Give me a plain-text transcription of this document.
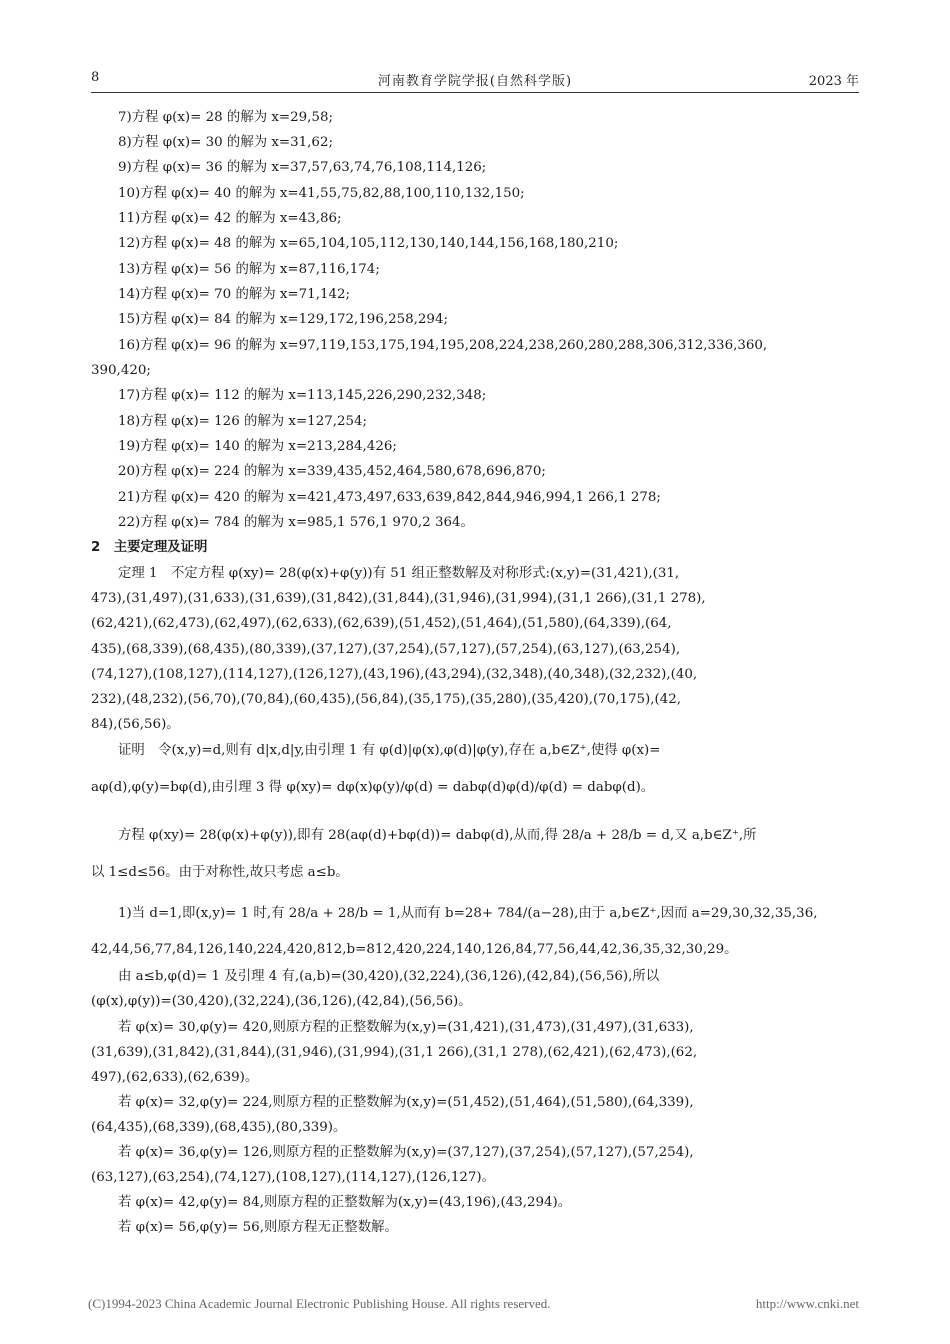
8	河南教育学院学报(自然科学版)	2023 年
7)方程 φ(x)= 28 的解为 x=29,58;
8)方程 φ(x)= 30 的解为 x=31,62;
9)方程 φ(x)= 36 的解为 x=37,57,63,74,76,108,114,126;
10)方程 φ(x)= 40 的解为 x=41,55,75,82,88,100,110,132,150;
11)方程 φ(x)= 42 的解为 x=43,86;
12)方程 φ(x)= 48 的解为 x=65,104,105,112,130,140,144,156,168,180,210;
13)方程 φ(x)= 56 的解为 x=87,116,174;
14)方程 φ(x)= 70 的解为 x=71,142;
15)方程 φ(x)= 84 的解为 x=129,172,196,258,294;
16)方程 φ(x)= 96 的解为 x=97,119,153,175,194,195,208,224,238,260,280,288,306,312,336,360,
390,420;
17)方程 φ(x)= 112 的解为 x=113,145,226,290,232,348;
18)方程 φ(x)= 126 的解为 x=127,254;
19)方程 φ(x)= 140 的解为 x=213,284,426;
20)方程 φ(x)= 224 的解为 x=339,435,452,464,580,678,696,870;
21)方程 φ(x)= 420 的解为 x=421,473,497,633,639,842,844,946,994,1 266,1 278;
22)方程 φ(x)= 784 的解为 x=985,1 576,1 970,2 364。
2　主要定理及证明
定理 1　不定方程 φ(xy)= 28(φ(x)+φ(y))有 51 组正整数解及对称形式:(x,y)=(31,421),(31,
473),(31,497),(31,633),(31,639),(31,842),(31,844),(31,946),(31,994),(31,1 266),(31,1 278),
(62,421),(62,473),(62,497),(62,633),(62,639),(51,452),(51,464),(51,580),(64,339),(64,
435),(68,339),(68,435),(80,339),(37,127),(37,254),(57,127),(57,254),(63,127),(63,254),
(74,127),(108,127),(114,127),(126,127),(43,196),(43,294),(32,348),(40,348),(32,232),(40,
232),(48,232),(56,70),(70,84),(60,435),(56,84),(35,175),(35,280),(35,420),(70,175),(42,
84),(56,56)。
证明　令(x,y)=d,则有 d|x,d|y,由引理 1 有 φ(d)|φ(x),φ(d)|φ(y),存在 a,b∈Z⁺,使得 φ(x)=
aφ(d),φ(y)=bφ(d),由引理 3 得 φ(xy)= dφ(x)φ(y)/φ(d) = dabφ(d)φ(d)/φ(d) = dabφ(d)。
方程 φ(xy)= 28(φ(x)+φ(y)),即有 28(aφ(d)+bφ(d))= dabφ(d),从而,得 28/a + 28/b = d,又 a,b∈Z⁺,所
以 1≤d≤56。由于对称性,故只考虑 a≤b。
1)当 d=1,即(x,y)= 1 时,有 28/a + 28/b = 1,从而有 b=28+ 784/(a−28),由于 a,b∈Z⁺,因而 a=29,30,32,35,36,
42,44,56,77,84,126,140,224,420,812,b=812,420,224,140,126,84,77,56,44,42,36,35,32,30,29。
由 a≤b,φ(d)= 1 及引理 4 有,(a,b)=(30,420),(32,224),(36,126),(42,84),(56,56),所以
(φ(x),φ(y))=(30,420),(32,224),(36,126),(42,84),(56,56)。
若 φ(x)= 30,φ(y)= 420,则原方程的正整数解为(x,y)=(31,421),(31,473),(31,497),(31,633),
(31,639),(31,842),(31,844),(31,946),(31,994),(31,1 266),(31,1 278),(62,421),(62,473),(62,
497),(62,633),(62,639)。
若 φ(x)= 32,φ(y)= 224,则原方程的正整数解为(x,y)=(51,452),(51,464),(51,580),(64,339),
(64,435),(68,339),(68,435),(80,339)。
若 φ(x)= 36,φ(y)= 126,则原方程的正整数解为(x,y)=(37,127),(37,254),(57,127),(57,254),
(63,127),(63,254),(74,127),(108,127),(114,127),(126,127)。
若 φ(x)= 42,φ(y)= 84,则原方程的正整数解为(x,y)=(43,196),(43,294)。
若 φ(x)= 56,φ(y)= 56,则原方程无正整数解。
(C)1994-2023 China Academic Journal Electronic Publishing House. All rights reserved.	http://www.cnki.net
